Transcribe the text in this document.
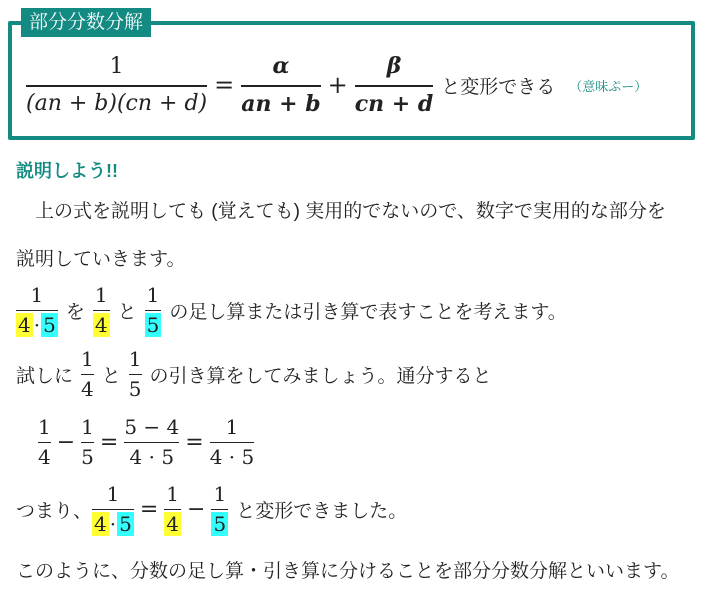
部分分数分解
$\frac{1}{(an + b)(cn + d)} = \frac{\alpha}{an + b} + \frac{\beta}{cn + d}$ と変形できる （意味ぷー）
説明しよう!!
　上の式を説明しても (覚えても) 実用的でないので、数字で実用的な部分を
説明していきます。
$\frac{1}{4 \cdot 5}$ を $\frac{1}{4}$ と $\frac{1}{5}$ の足し算または引き算で表すことを考えます。
試しに $\frac{1}{4}$ と $\frac{1}{5}$ の引き算をしてみましょう。通分すると
$\frac{1}{4} - \frac{1}{5} = \frac{5 - 4}{4 \cdot 5} = \frac{1}{4 \cdot 5}$
つまり、 $\frac{1}{4 \cdot 5} = \frac{1}{4} - \frac{1}{5}$ と変形できました。
このように、分数の足し算・引き算に分けることを部分分数分解といいます。
